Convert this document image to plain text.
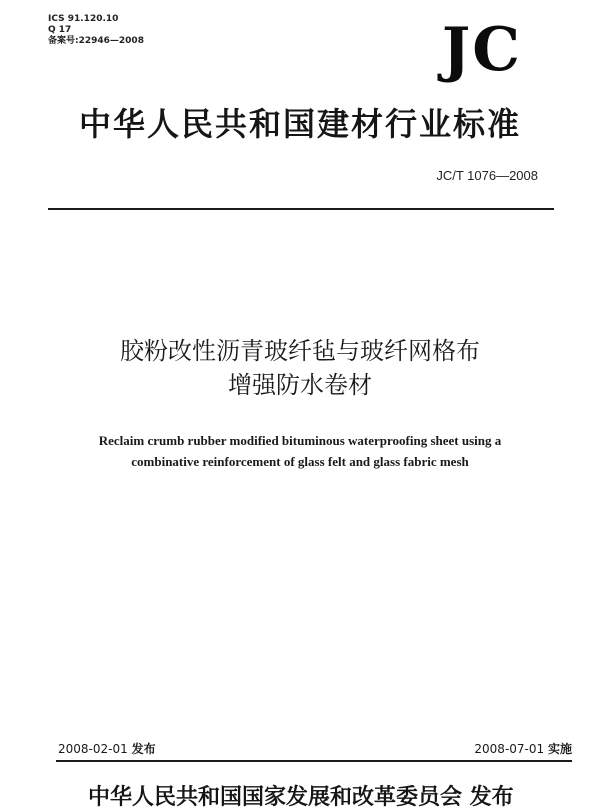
ICS 91.120.10
Q 17
备案号:22946—2008	JC
中华人民共和国建材行业标准
JC/T 1076—2008
胶粉改性沥青玻纤毡与玻纤网格布
增强防水卷材
Reclaim crumb rubber modified bituminous waterproofing sheet using a
combinative reinforcement of glass felt and glass fabric mesh
2008-02-01 发布	2008-07-01 实施
中华人民共和国国家发展和改革委员会 发布
